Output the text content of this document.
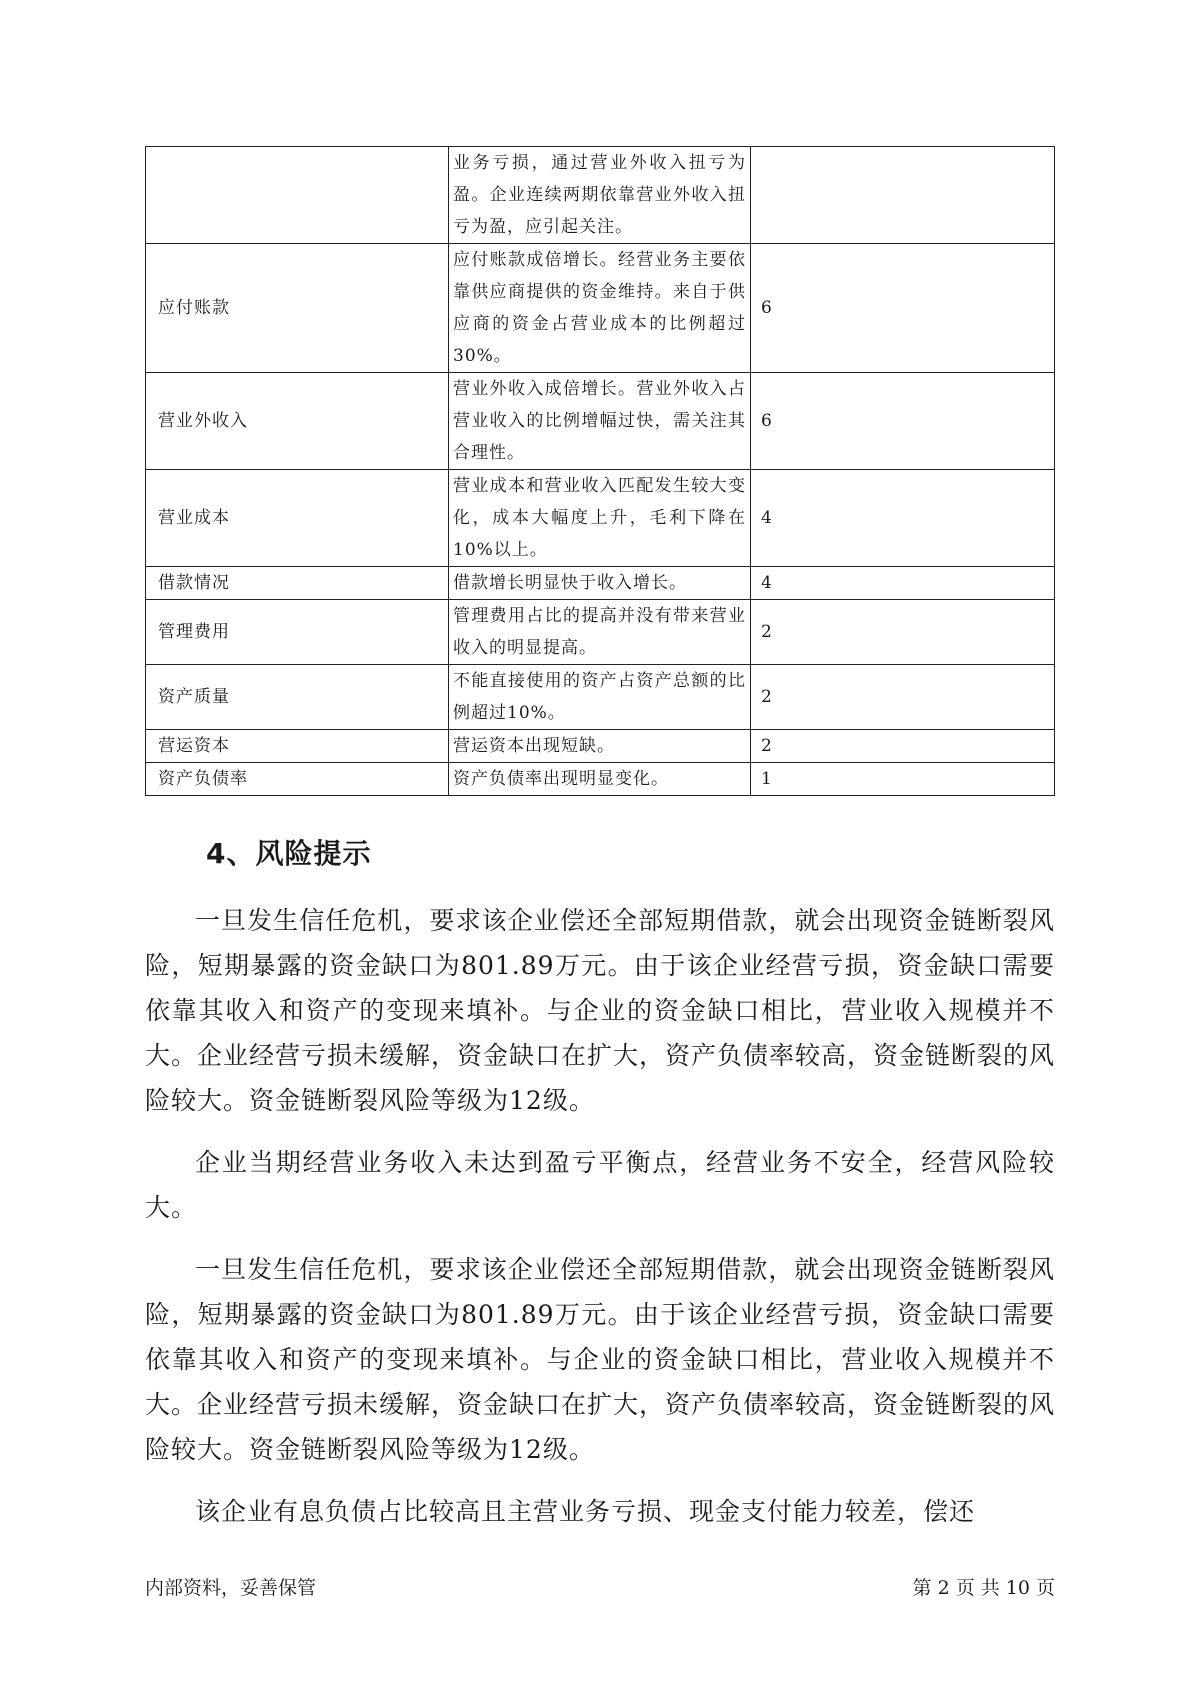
	业务亏损，通过营业外收入扭亏为盈。企业连续两期依靠营业外收入扭亏为盈，应引起关注。	
应付账款	应付账款成倍增长。经营业务主要依靠供应商提供的资金维持。来自于供应商的资金占营业成本的比例超过30%。	6
营业外收入	营业外收入成倍增长。营业外收入占营业收入的比例增幅过快，需关注其合理性。	6
营业成本	营业成本和营业收入匹配发生较大变化，成本大幅度上升，毛利下降在10%以上。	4
借款情况	借款增长明显快于收入增长。	4
管理费用	管理费用占比的提高并没有带来营业收入的明显提高。	2
资产质量	不能直接使用的资产占资产总额的比例超过10%。	2
营运资本	营运资本出现短缺。	2
资产负债率	资产负债率出现明显变化。	1
4、风险提示

一旦发生信任危机，要求该企业偿还全部短期借款，就会出现资金链断裂风险，短期暴露的资金缺口为801.89万元。由于该企业经营亏损，资金缺口需要依靠其收入和资产的变现来填补。与企业的资金缺口相比，营业收入规模并不大。企业经营亏损未缓解，资金缺口在扩大，资产负债率较高，资金链断裂的风险较大。资金链断裂风险等级为12级。

企业当期经营业务收入未达到盈亏平衡点，经营业务不安全，经营风险较大。

一旦发生信任危机，要求该企业偿还全部短期借款，就会出现资金链断裂风险，短期暴露的资金缺口为801.89万元。由于该企业经营亏损，资金缺口需要依靠其收入和资产的变现来填补。与企业的资金缺口相比，营业收入规模并不大。企业经营亏损未缓解，资金缺口在扩大，资产负债率较高，资金链断裂的风险较大。资金链断裂风险等级为12级。

该企业有息负债占比较高且主营业务亏损、现金支付能力较差，偿还

内部资料，妥善保管	第 2 页 共 10 页
